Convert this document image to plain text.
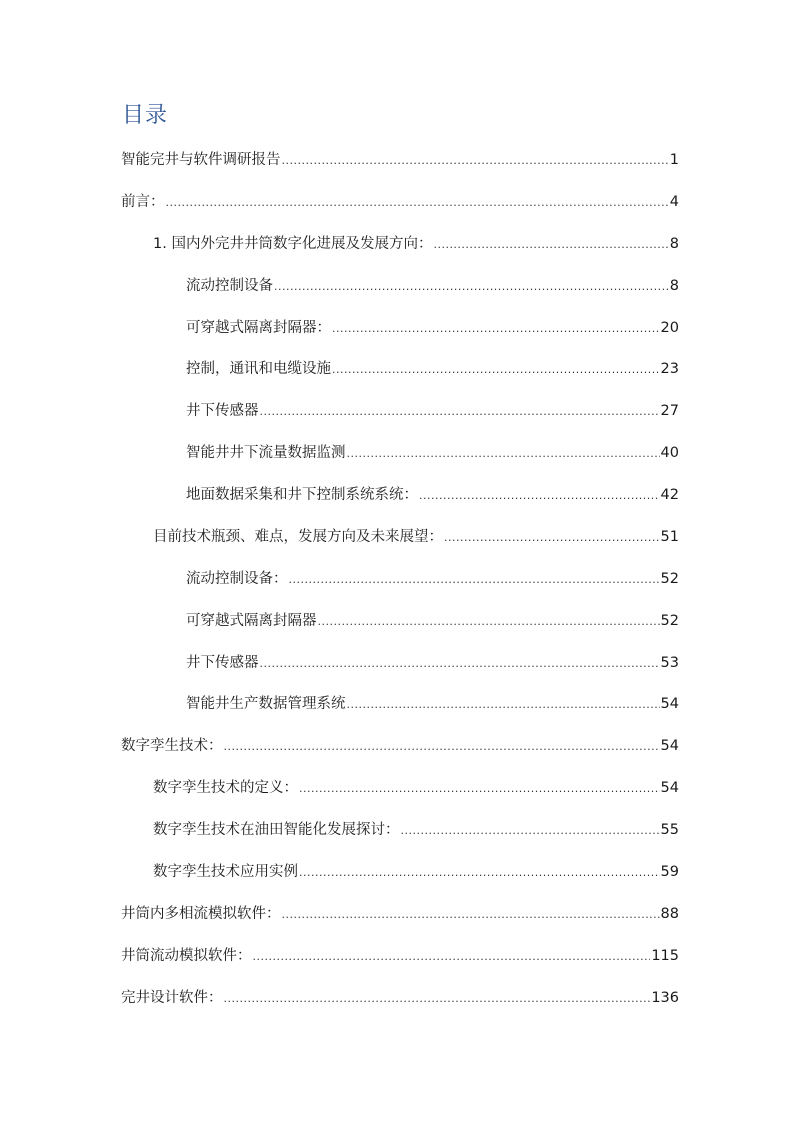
目录
智能完井与软件调研报告 .....	1
前言： .....	4
1. 国内外完井井筒数字化进展及发展方向： .....	8
流动控制设备 .....	8
可穿越式隔离封隔器： .....	20
控制，通讯和电缆设施 .....	23
井下传感器 .....	27
智能井井下流量数据监测 .....	40
地面数据采集和井下控制系统系统： .....	42
目前技术瓶颈、难点，发展方向及未来展望： .....	51
流动控制设备： .....	52
可穿越式隔离封隔器 .....	52
井下传感器 .....	53
智能井生产数据管理系统 .....	54
数字孪生技术： .....	54
数字孪生技术的定义： .....	54
数字孪生技术在油田智能化发展探讨： .....	55
数字孪生技术应用实例 .....	59
井筒内多相流模拟软件： .....	88
井筒流动模拟软件： .....	115
完井设计软件： .....	136
